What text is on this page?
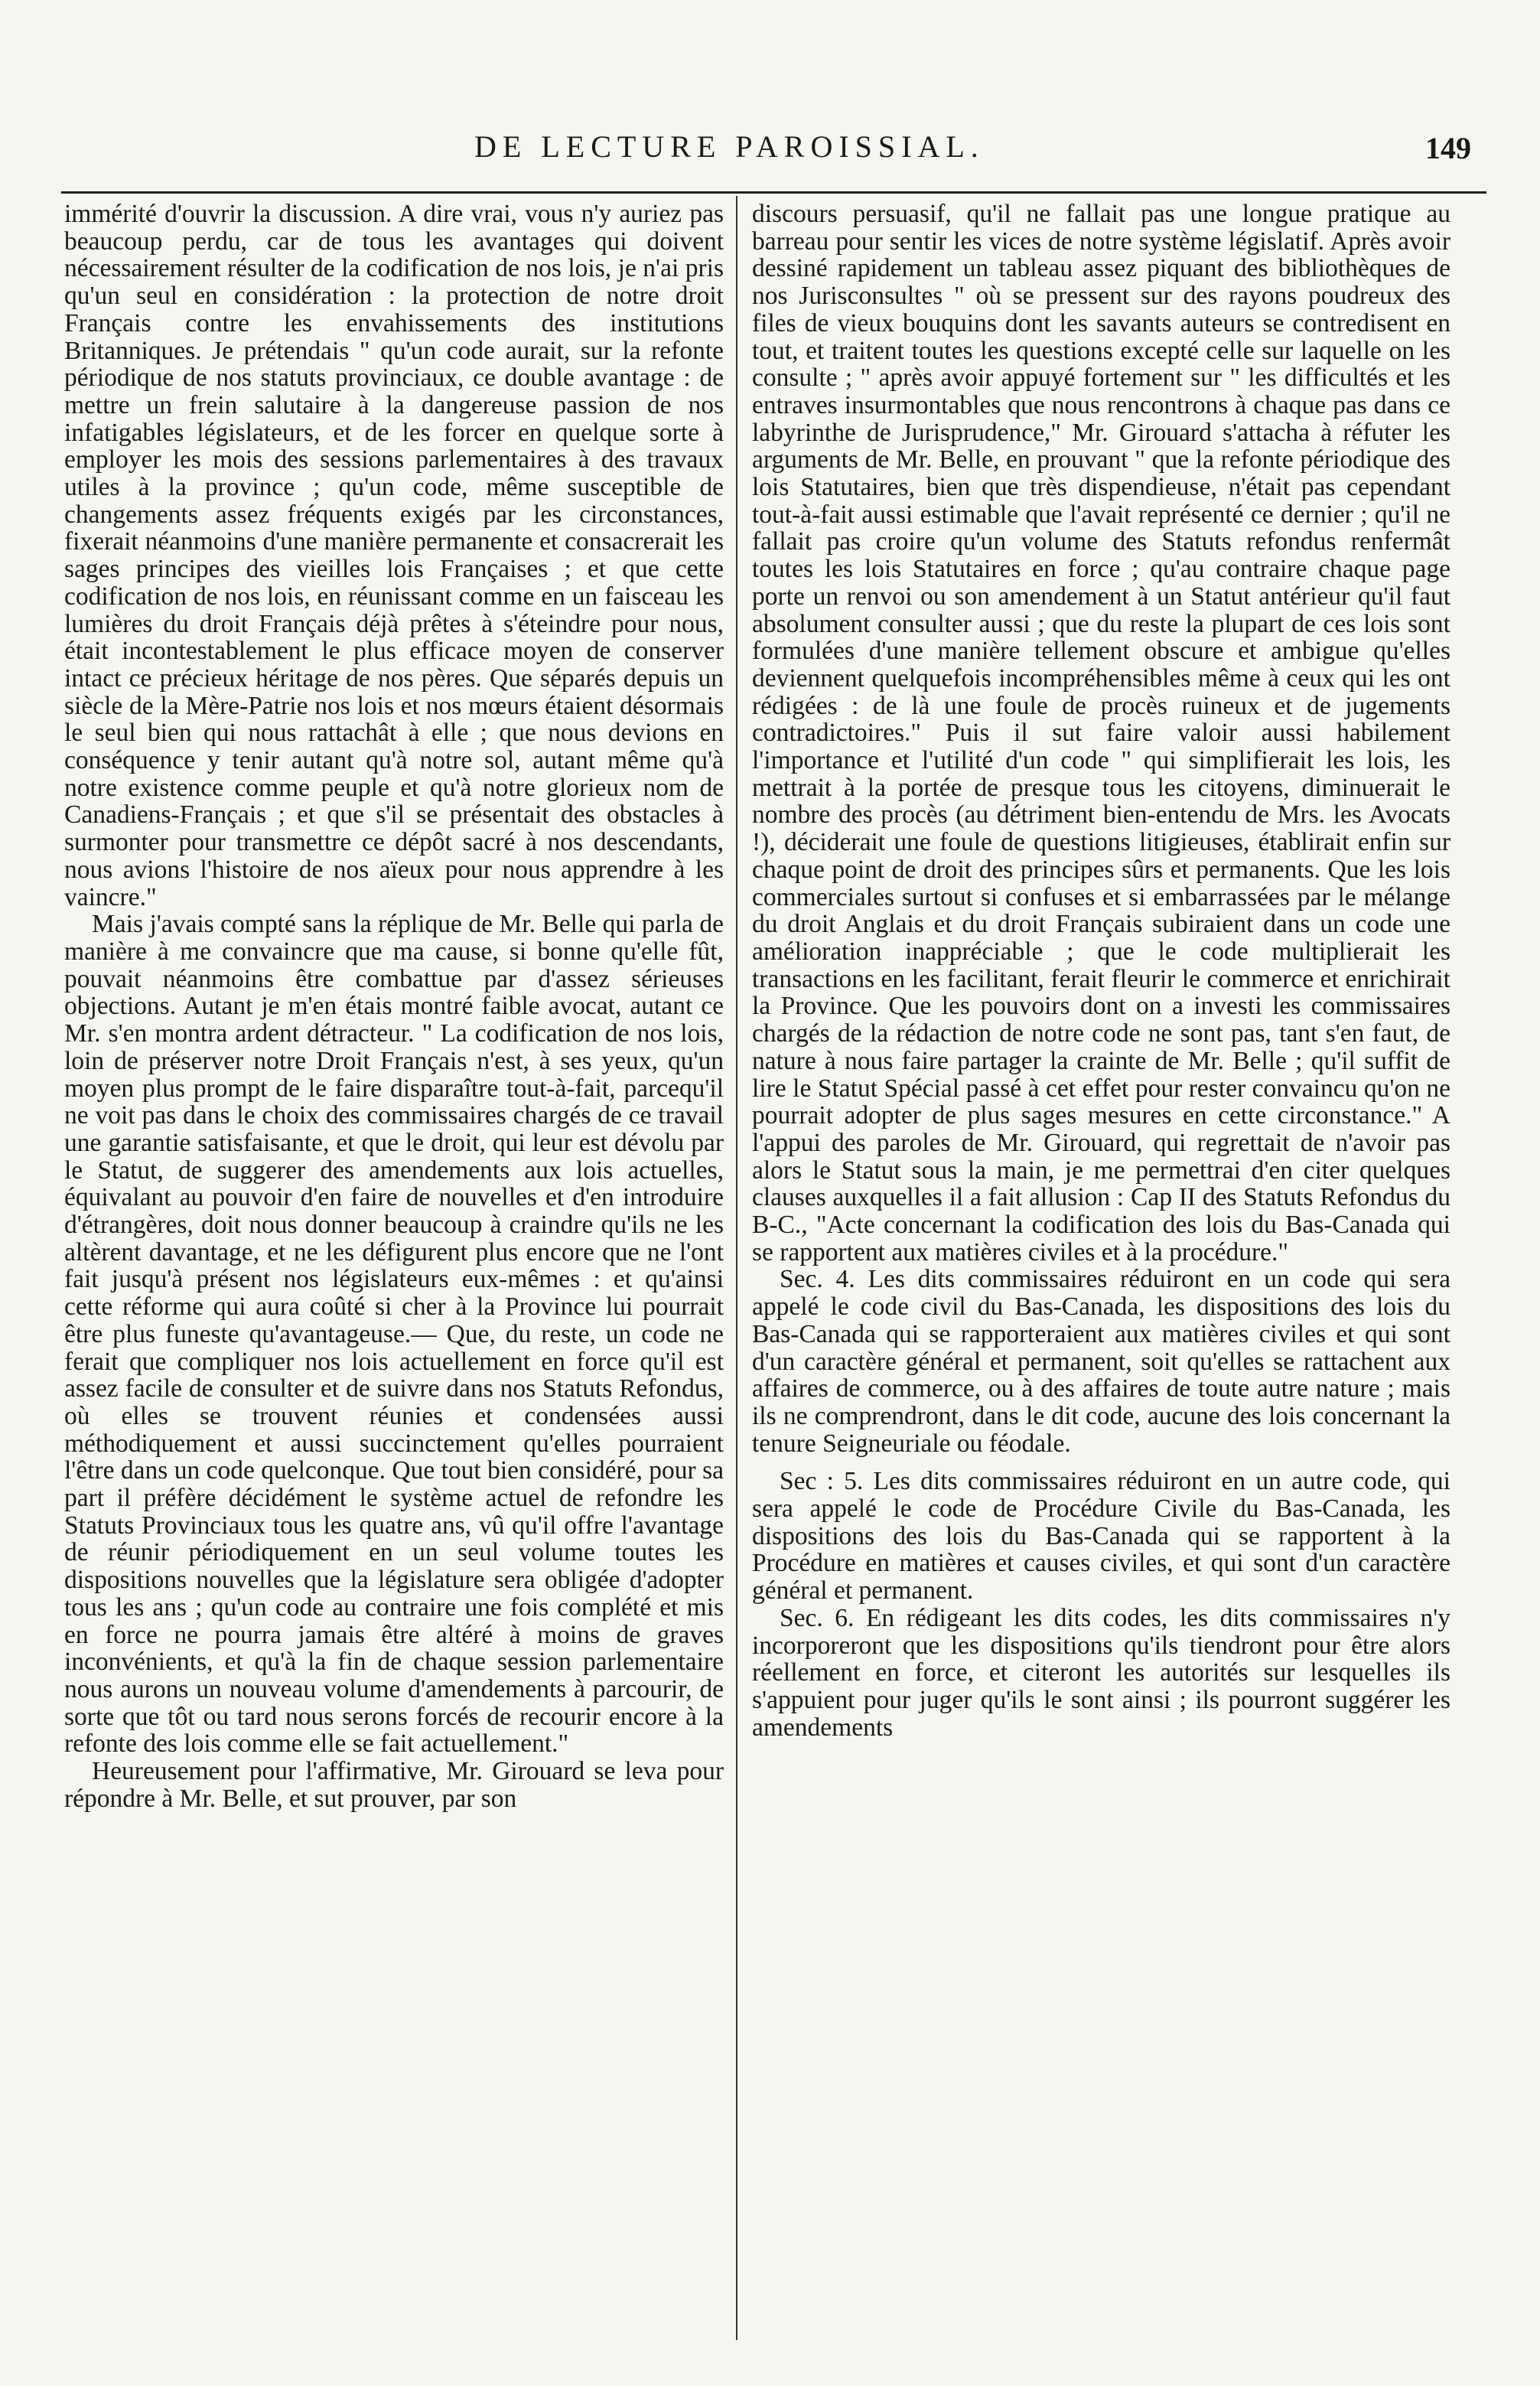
DE LECTURE PAROISSIAL.	149

immérité d'ouvrir la discussion. A dire vrai, vous n'y auriez pas beaucoup perdu, car de tous les avantages qui doivent nécessairement résulter de la codification de nos lois, je n'ai pris qu'un seul en considération : la protection de notre droit Français contre les envahissements des institutions Britanniques. Je prétendais " qu'un code aurait, sur la refonte périodique de nos statuts provinciaux, ce double avantage : de mettre un frein salutaire à la dangereuse passion de nos infatigables législateurs, et de les forcer en quelque sorte à employer les mois des sessions parlementaires à des travaux utiles à la province ; qu'un code, même susceptible de changements assez fréquents exigés par les circonstances, fixerait néanmoins d'une manière permanente et consacrerait les sages principes des vieilles lois Françaises ; et que cette codification de nos lois, en réunissant comme en un faisceau les lumières du droit Français déjà prêtes à s'éteindre pour nous, était incontestablement le plus efficace moyen de conserver intact ce précieux héritage de nos pères. Que séparés depuis un siècle de la Mère-Patrie nos lois et nos mœurs étaient désormais le seul bien qui nous rattachât à elle ; que nous devions en conséquence y tenir autant qu'à notre sol, autant même qu'à notre existence comme peuple et qu'à notre glorieux nom de Canadiens-Français ; et que s'il se présentait des obstacles à surmonter pour transmettre ce dépôt sacré à nos descendants, nous avions l'histoire de nos aïeux pour nous apprendre à les vaincre."

Mais j'avais compté sans la réplique de Mr. Belle qui parla de manière à me convaincre que ma cause, si bonne qu'elle fût, pouvait néanmoins être combattue par d'assez sérieuses objections. Autant je m'en étais montré faible avocat, autant ce Mr. s'en montra ardent détracteur. " La codification de nos lois, loin de préserver notre Droit Français n'est, à ses yeux, qu'un moyen plus prompt de le faire disparaître tout-à-fait, parcequ'il ne voit pas dans le choix des commissaires chargés de ce travail une garantie satisfaisante, et que le droit, qui leur est dévolu par le Statut, de suggerer des amendements aux lois actuelles, équivalant au pouvoir d'en faire de nouvelles et d'en introduire d'étrangères, doit nous donner beaucoup à craindre qu'ils ne les altèrent davantage, et ne les défigurent plus encore que ne l'ont fait jusqu'à présent nos législateurs eux-mêmes : et qu'ainsi cette réforme qui aura coûté si cher à la Province lui pourrait être plus funeste qu'avantageuse.— Que, du reste, un code ne ferait que compliquer nos lois actuellement en force qu'il est assez facile de consulter et de suivre dans nos Statuts Refondus, où elles se trouvent réunies et condensées aussi méthodiquement et aussi succinctement qu'elles pourraient l'être dans un code quelconque. Que tout bien considéré, pour sa part il préfère décidément le système actuel de refondre les Statuts Provinciaux tous les quatre ans, vû qu'il offre l'avantage de réunir périodiquement en un seul volume toutes les dispositions nouvelles que la législature sera obligée d'adopter tous les ans ; qu'un code au contraire une fois complété et mis en force ne pourra jamais être altéré à moins de graves inconvénients, et qu'à la fin de chaque session parlementaire nous aurons un nouveau volume d'amendements à parcourir, de sorte que tôt ou tard nous serons forcés de recourir encore à la refonte des lois comme elle se fait actuellement."

Heureusement pour l'affirmative, Mr. Girouard se leva pour répondre à Mr. Belle, et sut prouver, par son

discours persuasif, qu'il ne fallait pas une longue pratique au barreau pour sentir les vices de notre système législatif. Après avoir dessiné rapidement un tableau assez piquant des bibliothèques de nos Jurisconsultes " où se pressent sur des rayons poudreux des files de vieux bouquins dont les savants auteurs se contredisent en tout, et traitent toutes les questions excepté celle sur laquelle on les consulte ; " après avoir appuyé fortement sur " les difficultés et les entraves insurmontables que nous rencontrons à chaque pas dans ce labyrinthe de Jurisprudence," Mr. Girouard s'attacha à réfuter les arguments de Mr. Belle, en prouvant " que la refonte périodique des lois Statutaires, bien que très dispendieuse, n'était pas cependant tout-à-fait aussi estimable que l'avait représenté ce dernier ; qu'il ne fallait pas croire qu'un volume des Statuts refondus renfermât toutes les lois Statutaires en force ; qu'au contraire chaque page porte un renvoi ou son amendement à un Statut antérieur qu'il faut absolument consulter aussi ; que du reste la plupart de ces lois sont formulées d'une manière tellement obscure et ambigue qu'elles deviennent quelquefois incompréhensibles même à ceux qui les ont rédigées : de là une foule de procès ruineux et de jugements contradictoires." Puis il sut faire valoir aussi habilement l'importance et l'utilité d'un code " qui simplifierait les lois, les mettrait à la portée de presque tous les citoyens, diminuerait le nombre des procès (au détriment bien-entendu de Mrs. les Avocats !), déciderait une foule de questions litigieuses, établirait enfin sur chaque point de droit des principes sûrs et permanents. Que les lois commerciales surtout si confuses et si embarrassées par le mélange du droit Anglais et du droit Français subiraient dans un code une amélioration inappréciable ; que le code multiplierait les transactions en les facilitant, ferait fleurir le commerce et enrichirait la Province. Que les pouvoirs dont on a investi les commissaires chargés de la rédaction de notre code ne sont pas, tant s'en faut, de nature à nous faire partager la crainte de Mr. Belle ; qu'il suffit de lire le Statut Spécial passé à cet effet pour rester convaincu qu'on ne pourrait adopter de plus sages mesures en cette circonstance." A l'appui des paroles de Mr. Girouard, qui regrettait de n'avoir pas alors le Statut sous la main, je me permettrai d'en citer quelques clauses auxquelles il a fait allusion : Cap II des Statuts Refondus du B-C., "Acte concernant la codification des lois du Bas-Canada qui se rapportent aux matières civiles et à la procédure."

Sec. 4. Les dits commissaires réduiront en un code qui sera appelé le code civil du Bas-Canada, les dispositions des lois du Bas-Canada qui se rapporteraient aux matières civiles et qui sont d'un caractère général et permanent, soit qu'elles se rattachent aux affaires de commerce, ou à des affaires de toute autre nature ; mais ils ne comprendront, dans le dit code, aucune des lois concernant la tenure Seigneuriale ou féodale.

Sec : 5. Les dits commissaires réduiront en un autre code, qui sera appelé le code de Procédure Civile du Bas-Canada, les dispositions des lois du Bas-Canada qui se rapportent à la Procédure en matières et causes civiles, et qui sont d'un caractère général et permanent.

Sec. 6. En rédigeant les dits codes, les dits commissaires n'y incorporeront que les dispositions qu'ils tiendront pour être alors réellement en force, et citeront les autorités sur lesquelles ils s'appuient pour juger qu'ils le sont ainsi ; ils pourront suggérer les amendements
